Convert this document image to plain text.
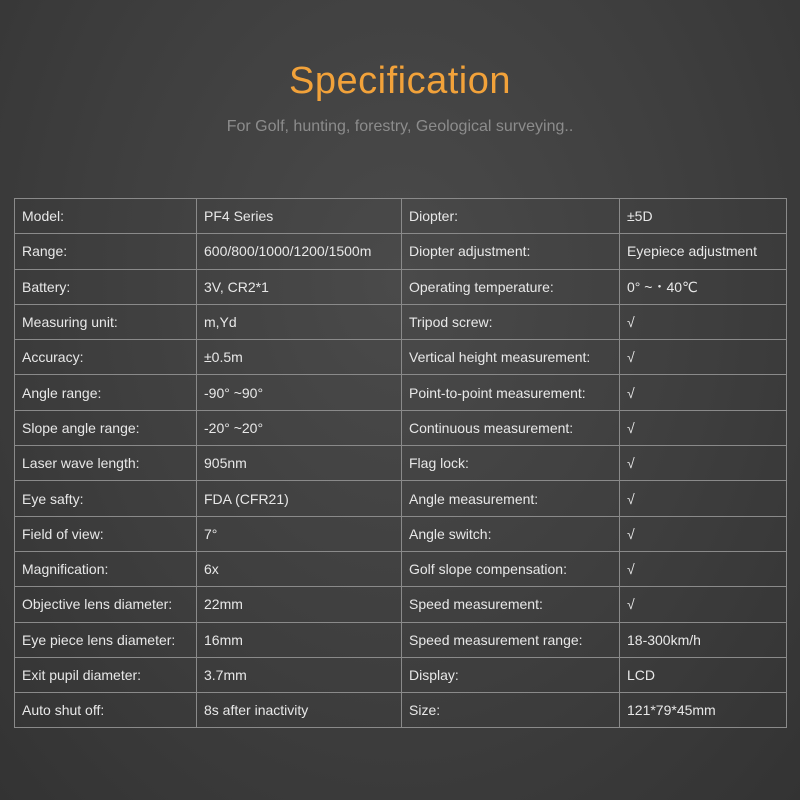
Specification
For Golf, hunting, forestry, Geological surveying..
Model:	PF4 Series	Diopter:	±5D
Range:	600/800/1000/1200/1500m	Diopter adjustment:	Eyepiece adjustment
Battery:	3V, CR2*1	Operating temperature:	0° ~・40℃
Measuring unit:	m,Yd	Tripod screw:	√
Accuracy:	±0.5m	Vertical height measurement:	√
Angle range:	-90° ~90°	Point-to-point measurement:	√
Slope angle range:	-20° ~20°	Continuous measurement:	√
Laser wave length:	905nm	Flag lock:	√
Eye safty:	FDA (CFR21)	Angle measurement:	√
Field of view:	7°	Angle switch:	√
Magnification:	6x	Golf slope compensation:	√
Objective lens diameter:	22mm	Speed measurement:	√
Eye piece lens diameter:	16mm	Speed measurement range:	18-300km/h
Exit pupil diameter:	3.7mm	Display:	LCD
Auto shut off:	8s after inactivity	Size:	121*79*45mm
